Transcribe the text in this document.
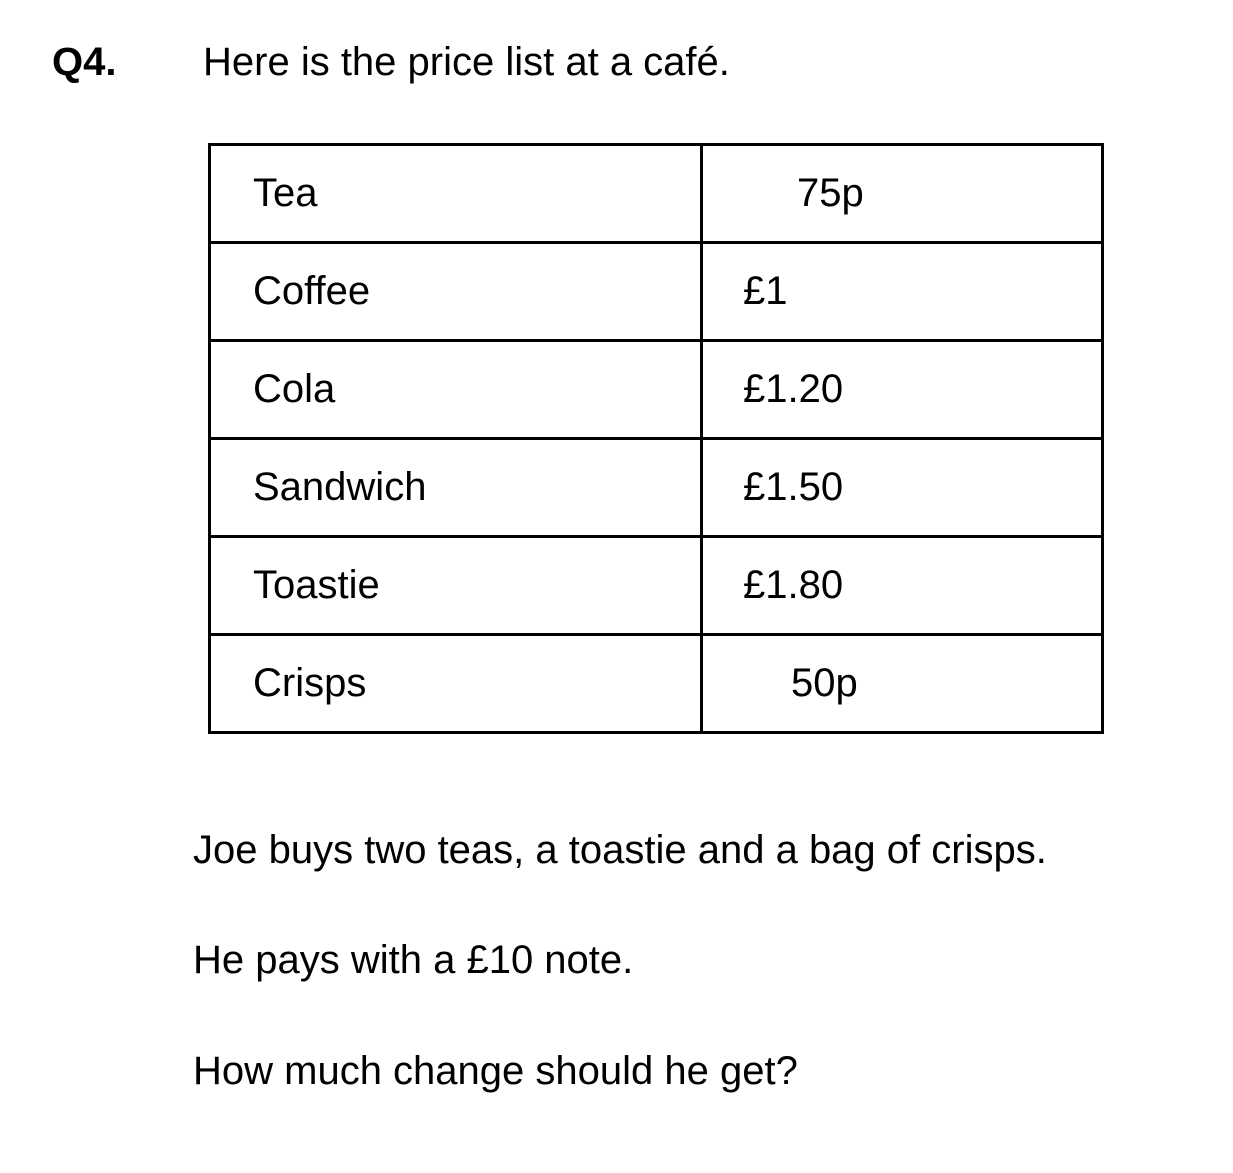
Q4. Here is the price list at a café.
Tea	75p
Coffee	£1
Cola	£1.20
Sandwich	£1.50
Toastie	£1.80
Crisps	50p
Joe buys two teas, a toastie and a bag of crisps.
He pays with a £10 note.
How much change should he get?
